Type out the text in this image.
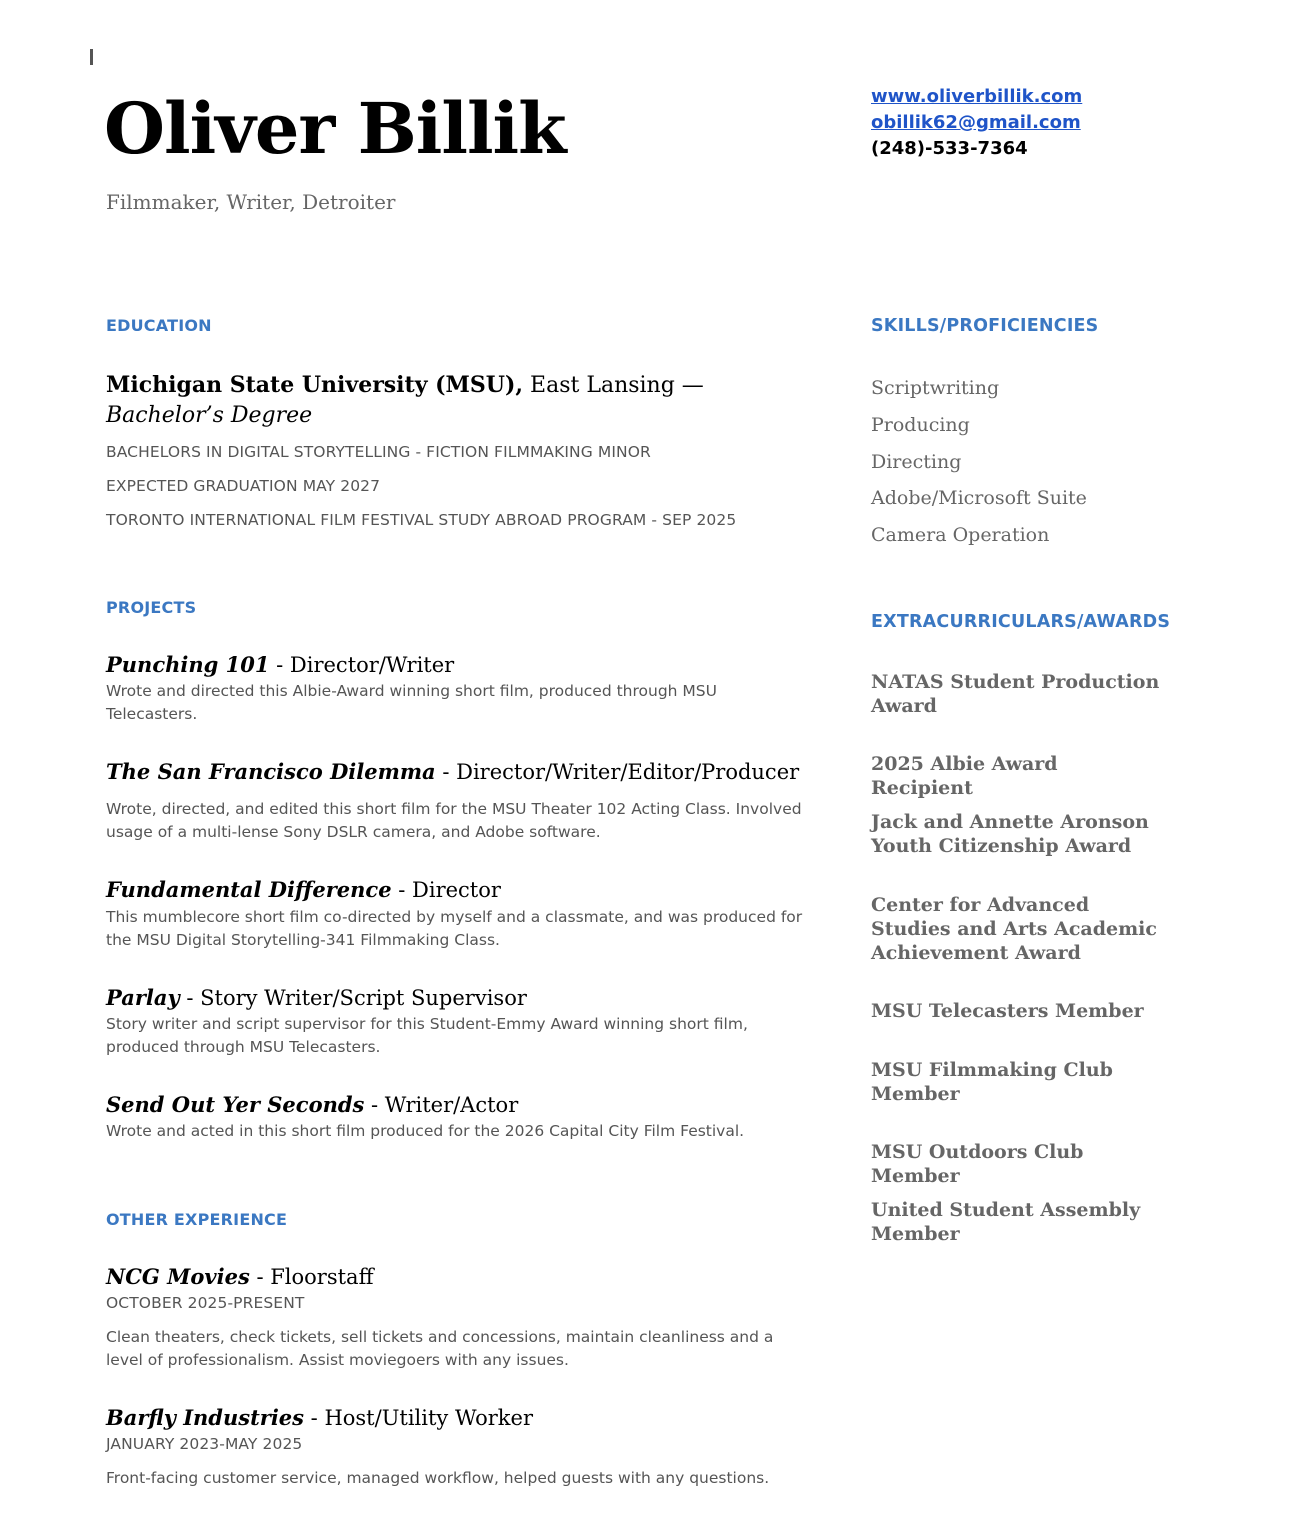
Oliver Billik
Filmmaker, Writer, Detroiter
www.oliverbillik.com
obillik62@gmail.com
(248)-533-7364
EDUCATION
Michigan State University (MSU), East Lansing — Bachelor’s Degree
BACHELORS IN DIGITAL STORYTELLING - FICTION FILMMAKING MINOR
EXPECTED GRADUATION MAY 2027
TORONTO INTERNATIONAL FILM FESTIVAL STUDY ABROAD PROGRAM - SEP 2025
PROJECTS
Punching 101 - Director/Writer
Wrote and directed this Albie-Award winning short film, produced through MSU Telecasters.
The San Francisco Dilemma - Director/Writer/Editor/Producer
Wrote, directed, and edited this short film for the MSU Theater 102 Acting Class. Involved usage of a multi-lense Sony DSLR camera, and Adobe software.
Fundamental Difference - Director
This mumblecore short film co-directed by myself and a classmate, and was produced for the MSU Digital Storytelling-341 Filmmaking Class.
Parlay - Story Writer/Script Supervisor
Story writer and script supervisor for this Student-Emmy Award winning short film, produced through MSU Telecasters.
Send Out Yer Seconds - Writer/Actor
Wrote and acted in this short film produced for the 2026 Capital City Film Festival.
OTHER EXPERIENCE
NCG Movies - Floorstaff
OCTOBER 2025-PRESENT
Clean theaters, check tickets, sell tickets and concessions, maintain cleanliness and a level of professionalism. Assist moviegoers with any issues.
Barfly Industries - Host/Utility Worker
JANUARY 2023-MAY 2025
Front-facing customer service, managed workflow, helped guests with any questions.
SKILLS/PROFICIENCIES
Scriptwriting
Producing
Directing
Adobe/Microsoft Suite
Camera Operation
EXTRACURRICULARS/AWARDS
NATAS Student Production Award
2025 Albie Award Recipient
Jack and Annette Aronson Youth Citizenship Award
Center for Advanced Studies and Arts Academic Achievement Award
MSU Telecasters Member
MSU Filmmaking Club Member
MSU Outdoors Club Member
United Student Assembly Member
